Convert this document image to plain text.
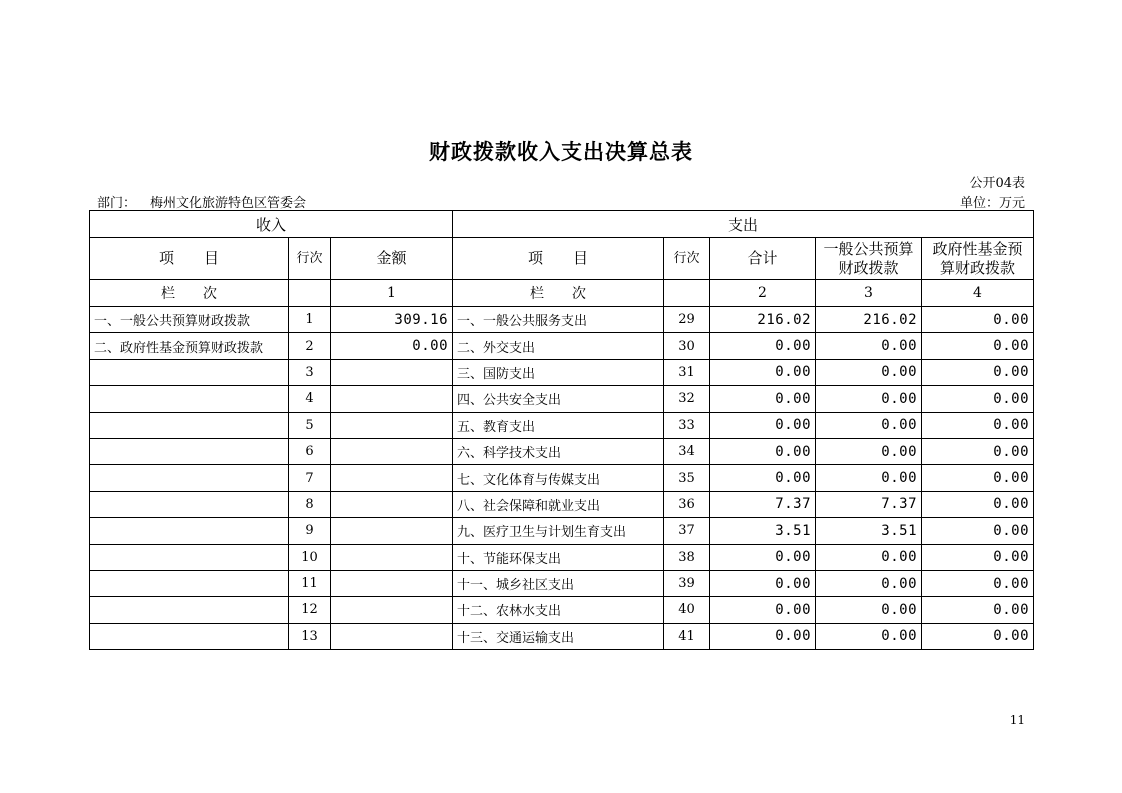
财政拨款收入支出决算总表
公开04表
部门： 梅州文化旅游特色区管委会	单位：万元
收入			支出				
项　　目	行次	金额	项　　目	行次	合计	一般公共预算财政拨款	政府性基金预算财政拨款
栏　　次		1	栏　　次		2	3	4
一、一般公共预算财政拨款	1	309.16	一、一般公共服务支出	29	216.02	216.02	0.00
二、政府性基金预算财政拨款	2	0.00	二、外交支出	30	0.00	0.00	0.00
	3		三、国防支出	31	0.00	0.00	0.00
	4		四、公共安全支出	32	0.00	0.00	0.00
	5		五、教育支出	33	0.00	0.00	0.00
	6		六、科学技术支出	34	0.00	0.00	0.00
	7		七、文化体育与传媒支出	35	0.00	0.00	0.00
	8		八、社会保障和就业支出	36	7.37	7.37	0.00
	9		九、医疗卫生与计划生育支出	37	3.51	3.51	0.00
	10		十、节能环保支出	38	0.00	0.00	0.00
	11		十一、城乡社区支出	39	0.00	0.00	0.00
	12		十二、农林水支出	40	0.00	0.00	0.00
	13		十三、交通运输支出	41	0.00	0.00	0.00
11
